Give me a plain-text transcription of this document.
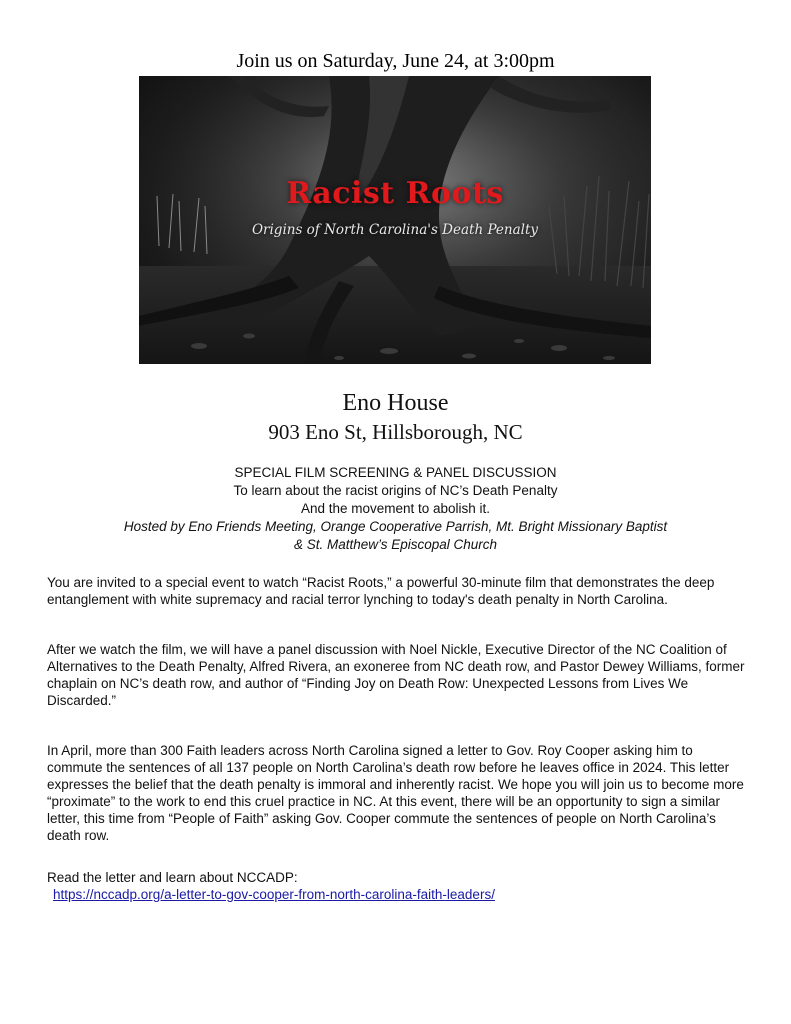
Join us on Saturday, June 24, at 3:00pm
Racist Roots
Origins of North Carolina's Death Penalty
Eno House
903 Eno St, Hillsborough, NC
SPECIAL FILM SCREENING & PANEL DISCUSSION
To learn about the racist origins of NC’s Death Penalty
And the movement to abolish it.
Hosted by Eno Friends Meeting, Orange Cooperative Parrish, Mt. Bright Missionary Baptist
& St. Matthew’s Episcopal Church

You are invited to a special event to watch “Racist Roots,” a powerful 30-minute film that demonstrates the deep entanglement with white supremacy and racial terror lynching to today's death penalty in North Carolina.

After we watch the film, we will have a panel discussion with Noel Nickle, Executive Director of the NC Coalition of Alternatives to the Death Penalty, Alfred Rivera, an exoneree from NC death row, and Pastor Dewey Williams, former chaplain on NC’s death row, and author of “Finding Joy on Death Row: Unexpected Lessons from Lives We Discarded.”

In April, more than 300 Faith leaders across North Carolina signed a letter to Gov. Roy Cooper asking him to commute the sentences of all 137 people on North Carolina’s death row before he leaves office in 2024. This letter expresses the belief that the death penalty is immoral and inherently racist. We hope you will join us to become more “proximate” to the work to end this cruel practice in NC. At this event, there will be an opportunity to sign a similar letter, this time from “People of Faith” asking Gov. Cooper commute the sentences of people on North Carolina’s death row.

Read the letter and learn about NCCADP:

https://nccadp.org/a-letter-to-gov-cooper-from-north-carolina-faith-leaders/
